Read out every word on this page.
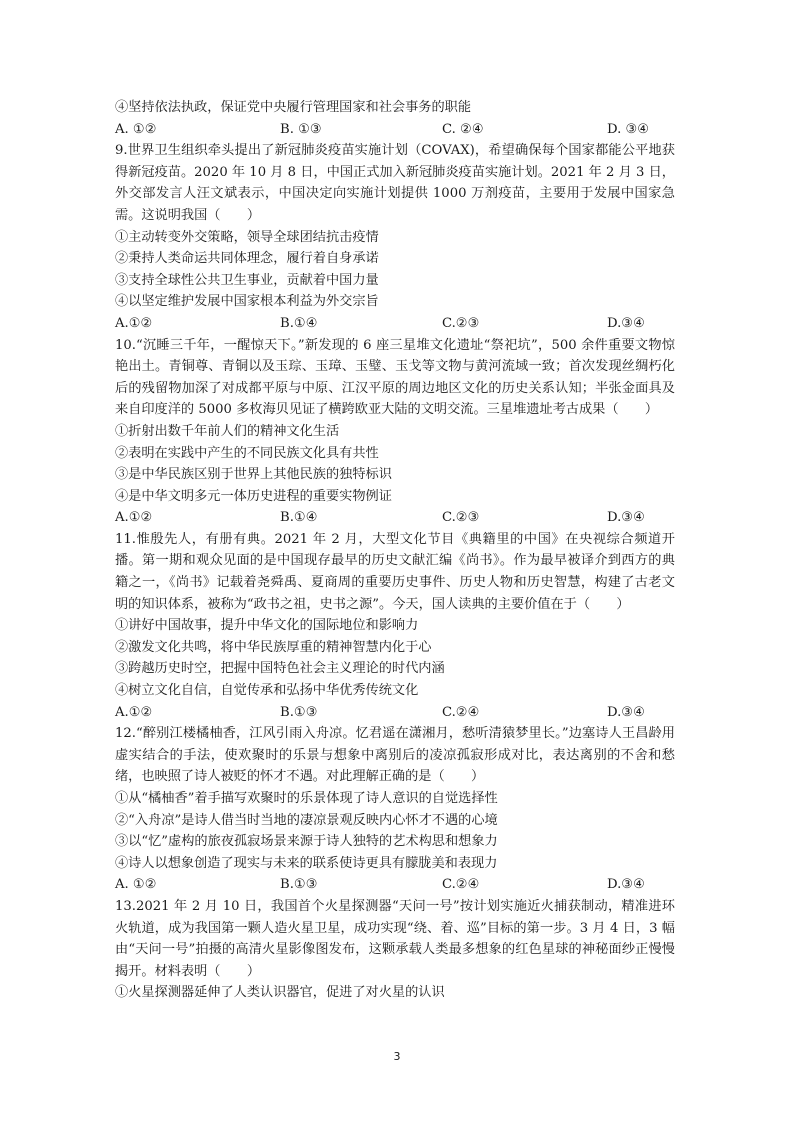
④坚持依法执政，保证党中央履行管理国家和社会事务的职能
A. ①②	B. ①③	C. ②④	D. ③④
9.世界卫生组织牵头提出了新冠肺炎疫苗实施计划（COVAX)，希望确保每个国家都能公平地获得新冠疫苗。2020 年 10 月 8 日，中国正式加入新冠肺炎疫苗实施计划。2021 年 2 月 3 日，外交部发言人汪文斌表示，中国决定向实施计划提供 1000 万剂疫苗，主要用于发展中国家急需。这说明我国（　　）
①主动转变外交策略，领导全球团结抗击疫情
②秉持人类命运共同体理念，履行着自身承诺
③支持全球性公共卫生事业，贡献着中国力量
④以坚定维护发展中国家根本利益为外交宗旨
A.①②	B.①④	C.②③	D.③④
10.“沉睡三千年，一醒惊天下。”新发现的 6 座三星堆文化遗址“祭祀坑”，500 余件重要文物惊艳出土。青铜尊、青铜以及玉琮、玉璋、玉璧、玉戈等文物与黄河流域一致；首次发现丝绸朽化后的残留物加深了对成都平原与中原、江汉平原的周边地区文化的历史关系认知；半张金面具及来自印度洋的 5000 多枚海贝见证了横跨欧亚大陆的文明交流。三星堆遗址考古成果（　　）
①折射出数千年前人们的精神文化生活
②表明在实践中产生的不同民族文化具有共性
③是中华民族区别于世界上其他民族的独特标识
④是中华文明多元一体历史进程的重要实物例证
A.①②	B.①④	C.②③	D.③④
11.惟殷先人，有册有典。2021 年 2 月，大型文化节目《典籍里的中国》在央视综合频道开播。第一期和观众见面的是中国现存最早的历史文献汇编《尚书》。作为最早被译介到西方的典籍之一，《尚书》记载着尧舜禹、夏商周的重要历史事件、历史人物和历史智慧，构建了古老文明的知识体系，被称为“政书之祖，史书之源”。今天，国人读典的主要价值在于（　　）
①讲好中国故事，提升中华文化的国际地位和影响力
②激发文化共鸣，将中华民族厚重的精神智慧内化于心
③跨越历史时空，把握中国特色社会主义理论的时代内涵
④树立文化自信，自觉传承和弘扬中华优秀传统文化
A.①②	B.①③	C.②④	D.③④
12.“醉别江楼橘柚香，江风引雨入舟凉。忆君遥在潇湘月，愁听清猿梦里长。”边塞诗人王昌龄用虚实结合的手法，使欢聚时的乐景与想象中离别后的凌凉孤寂形成对比，表达离别的不舍和愁绪，也映照了诗人被贬的怀才不遇。对此理解正确的是（　　）
①从“橘柚香”着手描写欢聚时的乐景体现了诗人意识的自觉选择性
②“入舟凉”是诗人借当时当地的凄凉景观反映内心怀才不遇的心境
③以“忆”虚构的旅夜孤寂场景来源于诗人独特的艺术构思和想象力
④诗人以想象创造了现实与未来的联系使诗更具有朦胧美和表现力
A. ①②	B.①③	C.②④	D.③④
13.2021 年 2 月 10 日，我国首个火星探测器“天问一号”按计划实施近火捕获制动，精准进环火轨道，成为我国第一颗人造火星卫星，成功实现“绕、着、巡”目标的第一步。3 月 4 日，3 幅由“天问一号”拍摄的高清火星影像图发布，这颗承载人类最多想象的红色星球的神秘面纱正慢慢揭开。材料表明（　　）
①火星探测器延伸了人类认识器官，促进了对火星的认识
3
